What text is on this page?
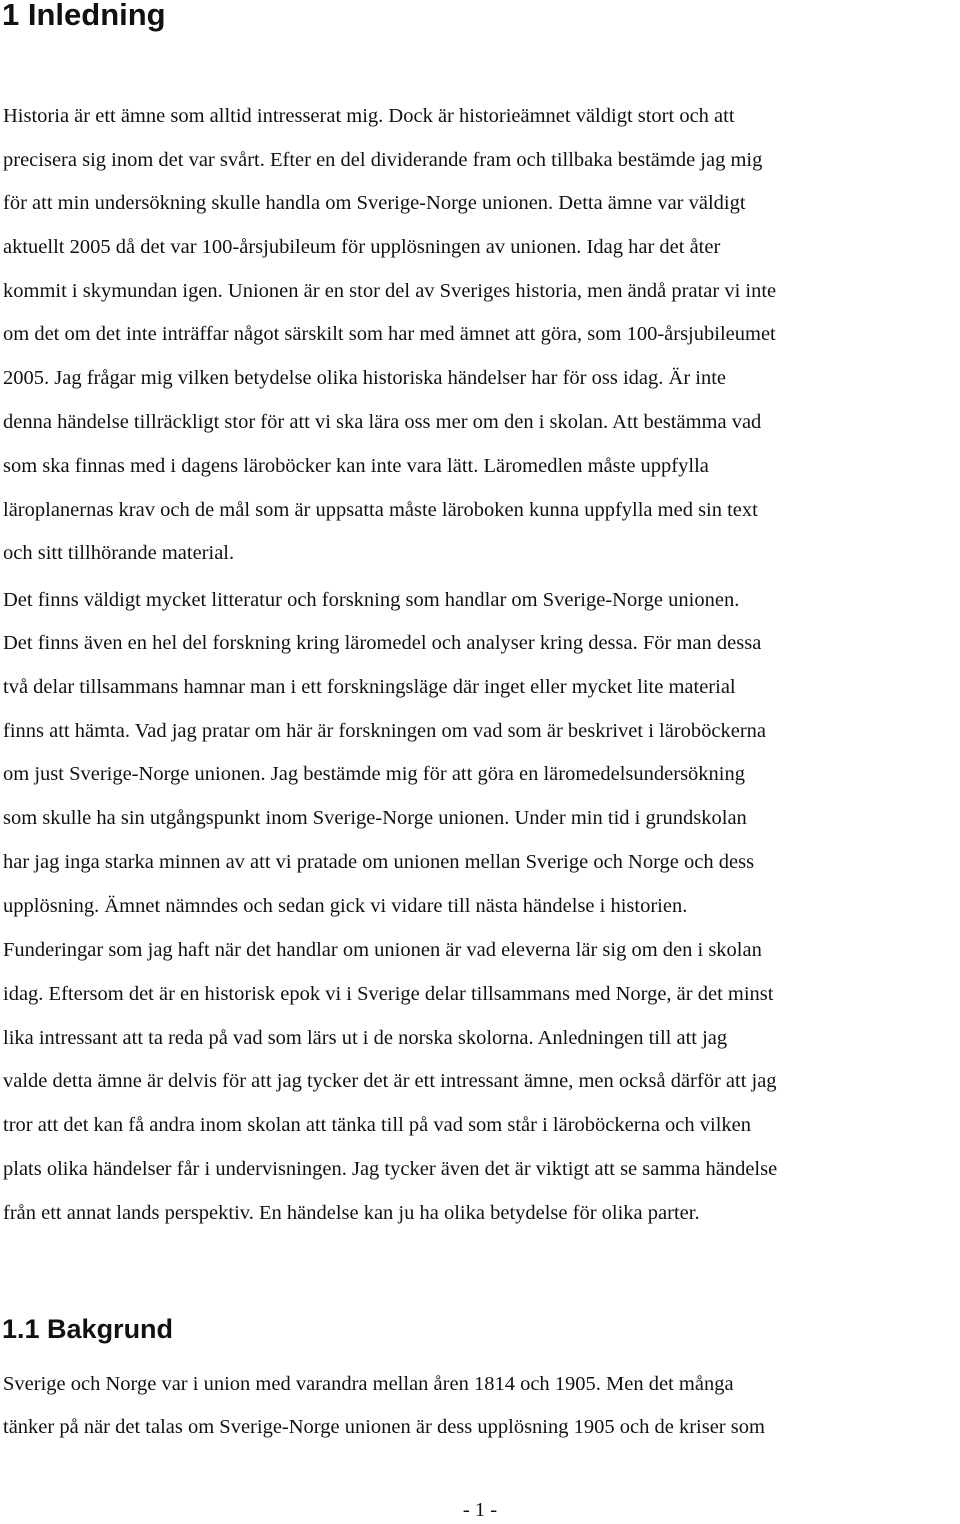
1 Inledning

Historia är ett ämne som alltid intresserat mig. Dock är historieämnet väldigt stort och att

precisera sig inom det var svårt. Efter en del dividerande fram och tillbaka bestämde jag mig

för att min undersökning skulle handla om Sverige-Norge unionen. Detta ämne var väldigt

aktuellt 2005 då det var 100-årsjubileum för upplösningen av unionen. Idag har det åter

kommit i skymundan igen. Unionen är en stor del av Sveriges historia, men ändå pratar vi inte

om det om det inte inträffar något särskilt som har med ämnet att göra, som 100-årsjubileumet

2005. Jag frågar mig vilken betydelse olika historiska händelser har för oss idag. Är inte

denna händelse tillräckligt stor för att vi ska lära oss mer om den i skolan. Att bestämma vad

som ska finnas med i dagens läroböcker kan inte vara lätt. Läromedlen måste uppfylla

läroplanernas krav och de mål som är uppsatta måste läroboken kunna uppfylla med sin text

och sitt tillhörande material.

Det finns väldigt mycket litteratur och forskning som handlar om Sverige-Norge unionen.

Det finns även en hel del forskning kring läromedel och analyser kring dessa. För man dessa

två delar tillsammans hamnar man i ett forskningsläge där inget eller mycket lite material

finns att hämta. Vad jag pratar om här är forskningen om vad som är beskrivet i läroböckerna

om just Sverige-Norge unionen. Jag bestämde mig för att göra en läromedelsundersökning

som skulle ha sin utgångspunkt inom Sverige-Norge unionen. Under min tid i grundskolan

har jag inga starka minnen av att vi pratade om unionen mellan Sverige och Norge och dess

upplösning. Ämnet nämndes och sedan gick vi vidare till nästa händelse i historien.

Funderingar som jag haft när det handlar om unionen är vad eleverna lär sig om den i skolan

idag. Eftersom det är en historisk epok vi i Sverige delar tillsammans med Norge, är det minst

lika intressant att ta reda på vad som lärs ut i de norska skolorna. Anledningen till att jag

valde detta ämne är delvis för att jag tycker det är ett intressant ämne, men också därför att jag

tror att det kan få andra inom skolan att tänka till på vad som står i läroböckerna och vilken

plats olika händelser får i undervisningen. Jag tycker även det är viktigt att se samma händelse

från ett annat lands perspektiv. En händelse kan ju ha olika betydelse för olika parter.

1.1 Bakgrund

Sverige och Norge var i union med varandra mellan åren 1814 och 1905. Men det många

tänker på när det talas om Sverige-Norge unionen är dess upplösning 1905 och de kriser som

- 1 -
